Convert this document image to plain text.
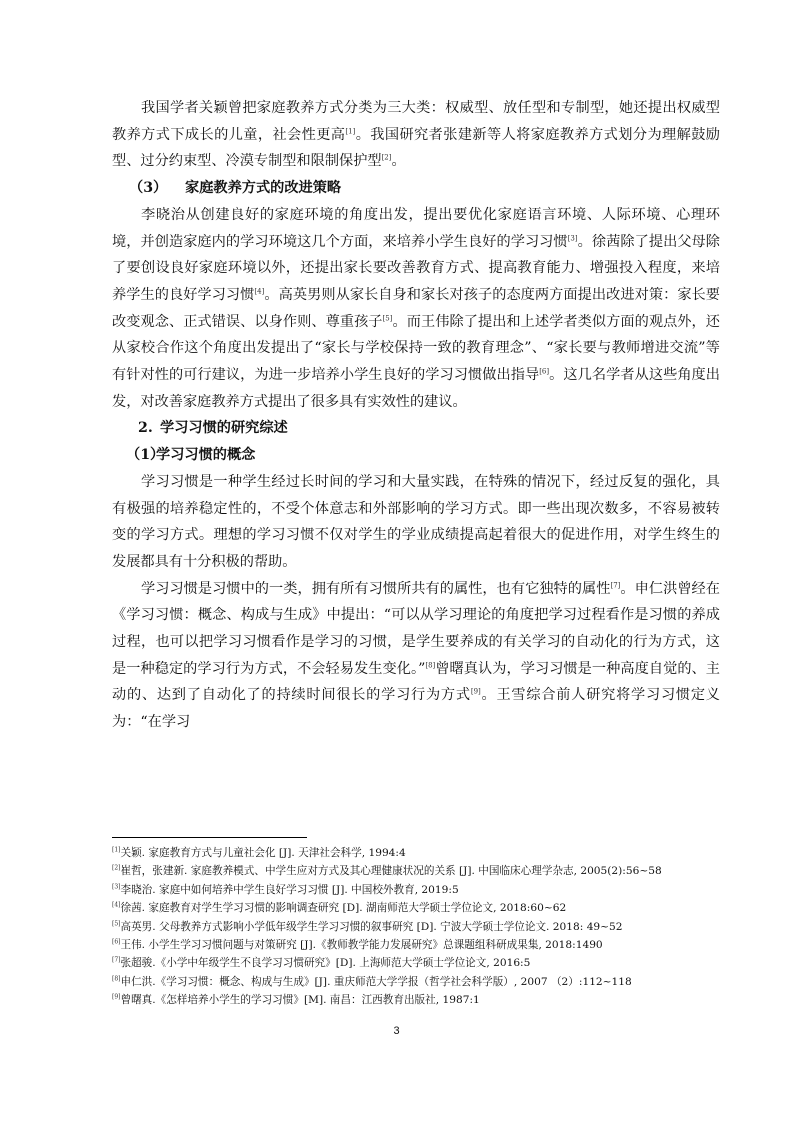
我国学者关颖曾把家庭教养方式分类为三大类：权威型、放任型和专制型，她还提出权威型教养方式下成长的儿童，社会性更高[1]。我国研究者张建新等人将家庭教养方式划分为理解鼓励型、过分约束型、冷漠专制型和限制保护型[2]。

（3） 家庭教养方式的改进策略

李晓治从创建良好的家庭环境的角度出发，提出要优化家庭语言环境、人际环境、心理环境，并创造家庭内的学习环境这几个方面，来培养小学生良好的学习习惯[3]。徐茜除了提出父母除了要创设良好家庭环境以外，还提出家长要改善教育方式、提高教育能力、增强投入程度，来培养学生的良好学习习惯[4]。高英男则从家长自身和家长对孩子的态度两方面提出改进对策：家长要改变观念、正式错误、以身作则、尊重孩子[5]。而王伟除了提出和上述学者类似方面的观点外，还从家校合作这个角度出发提出了“家长与学校保持一致的教育理念”、“家长要与教师增进交流”等有针对性的可行建议，为进一步培养小学生良好的学习习惯做出指导[6]。这几名学者从这些角度出发，对改善家庭教养方式提出了很多具有实效性的建议。

2. 学习习惯的研究综述

（1）学习习惯的概念

学习习惯是一种学生经过长时间的学习和大量实践，在特殊的情况下，经过反复的强化，具有极强的培养稳定性的，不受个体意志和外部影响的学习方式。即一些出现次数多，不容易被转变的学习方式。理想的学习习惯不仅对学生的学业成绩提高起着很大的促进作用，对学生终生的发展都具有十分积极的帮助。

学习习惯是习惯中的一类，拥有所有习惯所共有的属性，也有它独特的属性[7]。申仁洪曾经在《学习习惯：概念、构成与生成》中提出：“可以从学习理论的角度把学习过程看作是习惯的养成过程，也可以把学习习惯看作是学习的习惯，是学生要养成的有关学习的自动化的行为方式，这是一种稳定的学习行为方式，不会轻易发生变化。”[8]曾曙真认为，学习习惯是一种高度自觉的、主动的、达到了自动化了的持续时间很长的学习行为方式[9]。王雪综合前人研究将学习习惯定义为：“在学习

[1]关颖. 家庭教育方式与儿童社会化 [J]. 天津社会科学, 1994:4

[2]崔哲，张建新. 家庭教养模式、中学生应对方式及其心理健康状况的关系 [J]. 中国临床心理学杂志, 2005(2):56~58

[3]李晓治. 家庭中如何培养中学生良好学习习惯 [J]. 中国校外教育, 2019:5

[4]徐茜. 家庭教育对学生学习习惯的影响调查研究 [D]. 湖南师范大学硕士学位论文, 2018:60~62

[5]高英男. 父母教养方式影响小学低年级学生学习习惯的叙事研究 [D]. 宁波大学硕士学位论文. 2018: 49~52

[6]王伟. 小学生学习习惯问题与对策研究 [J].《教师教学能力发展研究》总课题组科研成果集, 2018:1490

[7]张超骏.《小学中年级学生不良学习习惯研究》[D]. 上海师范大学硕士学位论文, 2016:5

[8]申仁洪.《学习习惯：概念、构成与生成》[J]. 重庆师范大学学报（哲学社会科学版）, 2007 （2）:112~118

[9]曾曙真.《怎样培养小学生的学习习惯》[M]. 南昌：江西教育出版社, 1987:1

3
